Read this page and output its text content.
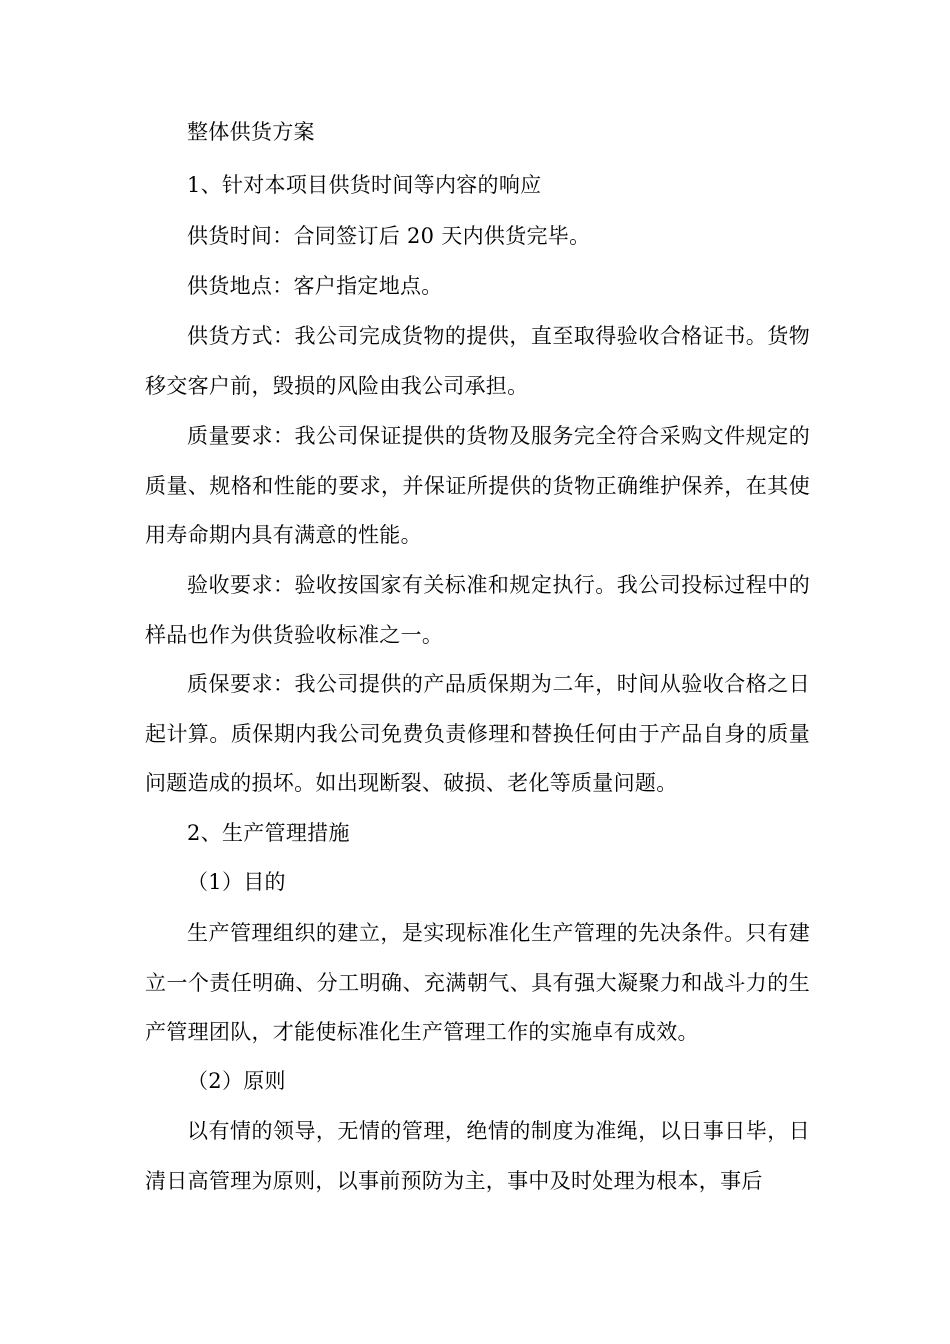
整体供货方案

1、针对本项目供货时间等内容的响应

供货时间：合同签订后 20 天内供货完毕。

供货地点：客户指定地点。

供货方式：我公司完成货物的提供，直至取得验收合格证书。货物移交客户前，毁损的风险由我公司承担。

质量要求：我公司保证提供的货物及服务完全符合采购文件规定的质量、规格和性能的要求，并保证所提供的货物正确维护保养，在其使用寿命期内具有满意的性能。

验收要求：验收按国家有关标准和规定执行。我公司投标过程中的样品也作为供货验收标准之一。

质保要求：我公司提供的产品质保期为二年，时间从验收合格之日起计算。质保期内我公司免费负责修理和替换任何由于产品自身的质量问题造成的损坏。如出现断裂、破损、老化等质量问题。

2、生产管理措施

（1）目的

生产管理组织的建立，是实现标准化生产管理的先决条件。只有建立一个责任明确、分工明确、充满朝气、具有强大凝聚力和战斗力的生产管理团队，才能使标准化生产管理工作的实施卓有成效。

（2）原则

以有情的领导，无情的管理，绝情的制度为准绳，以日事日毕，日清日高管理为原则，以事前预防为主，事中及时处理为根本，事后
